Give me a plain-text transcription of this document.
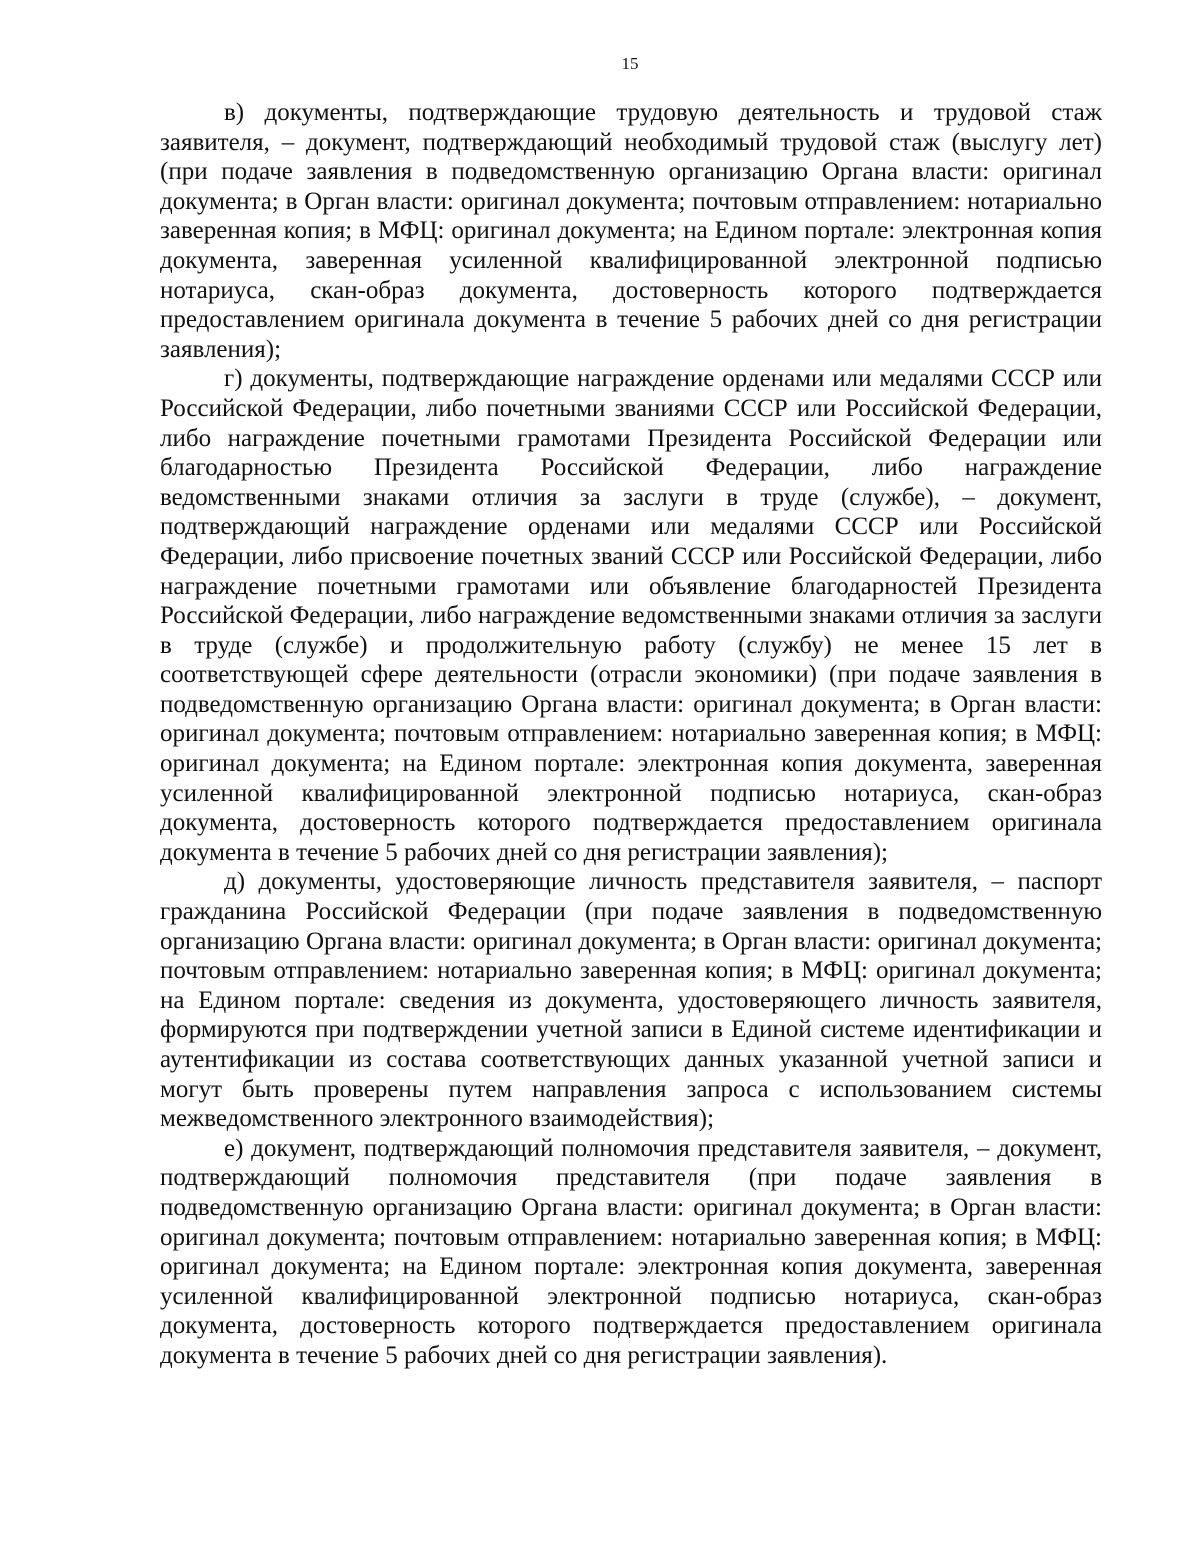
15

в) документы, подтверждающие трудовую деятельность и трудовой стаж заявителя, – документ, подтверждающий необходимый трудовой стаж (выслугу лет) (при подаче заявления в подведомственную организацию Органа власти: оригинал документа; в Орган власти: оригинал документа; почтовым отправлением: нотариально заверенная копия; в МФЦ: оригинал документа; на Едином портале: электронная копия документа, заверенная усиленной квалифицированной электронной подписью нотариуса, скан-образ документа, достоверность которого подтверждается предоставлением оригинала документа в течение 5 рабочих дней со дня регистрации заявления);

г) документы, подтверждающие награждение орденами или медалями СССР или Российской Федерации, либо почетными званиями СССР или Российской Федерации, либо награждение почетными грамотами Президента Российской Федерации или благодарностью Президента Российской Федерации, либо награждение ведомственными знаками отличия за заслуги в труде (службе), – документ, подтверждающий награждение орденами или медалями СССР или Российской Федерации, либо присвоение почетных званий СССР или Российской Федерации, либо награждение почетными грамотами или объявление благодарностей Президента Российской Федерации, либо награждение ведомственными знаками отличия за заслуги в труде (службе) и продолжительную работу (службу) не менее 15 лет в соответствующей сфере деятельности (отрасли экономики) (при подаче заявления в подведомственную организацию Органа власти: оригинал документа; в Орган власти: оригинал документа; почтовым отправлением: нотариально заверенная копия; в МФЦ: оригинал документа; на Едином портале: электронная копия документа, заверенная усиленной квалифицированной электронной подписью нотариуса, скан-образ документа, достоверность которого подтверждается предоставлением оригинала документа в течение 5 рабочих дней со дня регистрации заявления);

д) документы, удостоверяющие личность представителя заявителя, – паспорт гражданина Российской Федерации (при подаче заявления в подведомственную организацию Органа власти: оригинал документа; в Орган власти: оригинал документа; почтовым отправлением: нотариально заверенная копия; в МФЦ: оригинал документа; на Едином портале: сведения из документа, удостоверяющего личность заявителя, формируются при подтверждении учетной записи в Единой системе идентификации и аутентификации из состава соответствующих данных указанной учетной записи и могут быть проверены путем направления запроса с использованием системы межведомственного электронного взаимодействия);

е) документ, подтверждающий полномочия представителя заявителя, – документ, подтверждающий полномочия представителя (при подаче заявления в подведомственную организацию Органа власти: оригинал документа; в Орган власти: оригинал документа; почтовым отправлением: нотариально заверенная копия; в МФЦ: оригинал документа; на Едином портале: электронная копия документа, заверенная усиленной квалифицированной электронной подписью нотариуса, скан-образ документа, достоверность которого подтверждается предоставлением оригинала документа в течение 5 рабочих дней со дня регистрации заявления).
